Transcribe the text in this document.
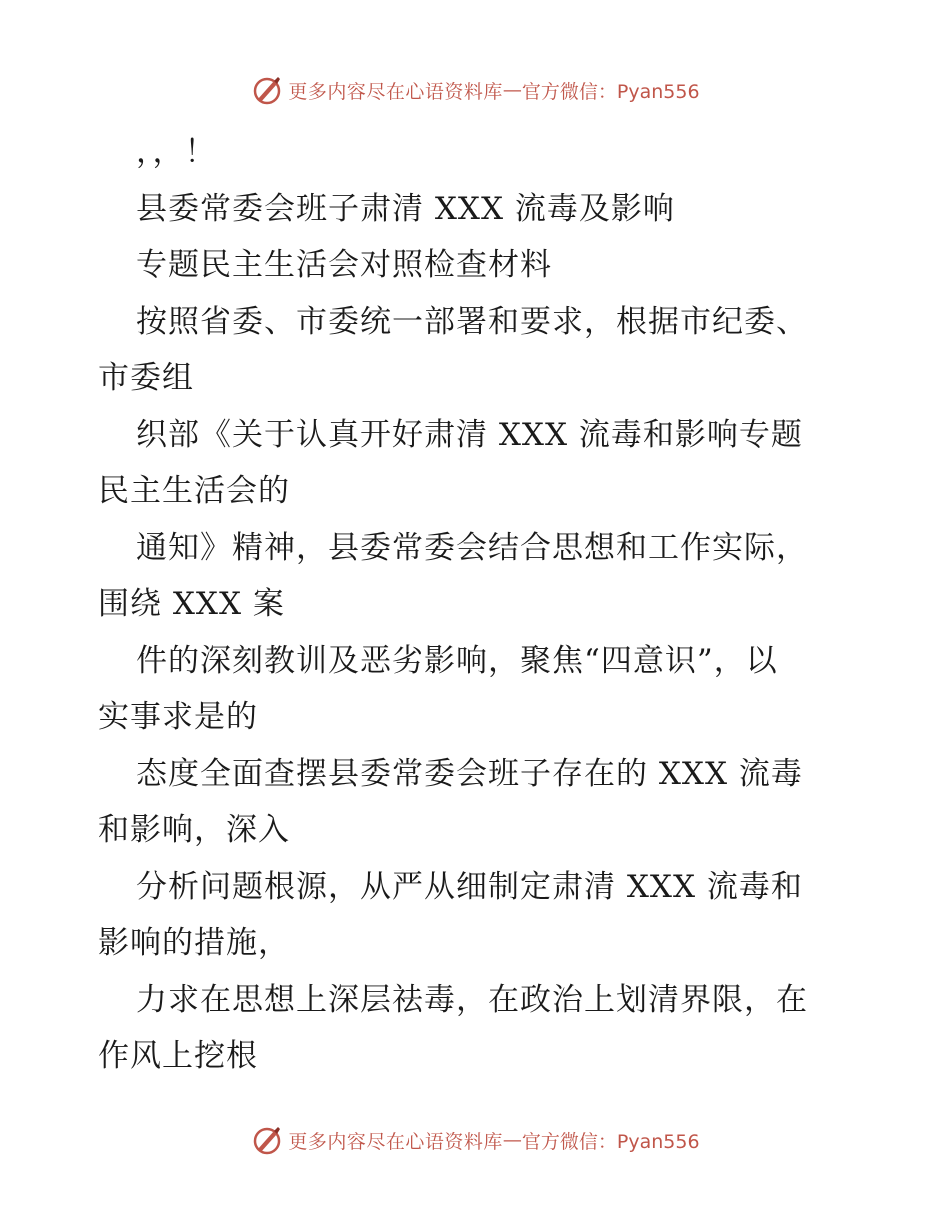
更多内容尽在心语资料库 — 官方微信：Pyan556
，，！
县委常委会班子肃清 XXX 流毒及影响
专题民主生活会对照检查材料
按照省委、市委统一部署和要求，根据市纪委、
市委组
织部《关于认真开好肃清 XXX 流毒和影响专题
民主生活会的
通知》精神，县委常委会结合思想和工作实际，
围绕 XXX 案
件的深刻教训及恶劣影响，聚焦“四意识”，以
实事求是的
态度全面查摆县委常委会班子存在的 XXX 流毒
和影响，深入
分析问题根源，从严从细制定肃清 XXX 流毒和
影响的措施，
力求在思想上深层祛毒，在政治上划清界限，在
作风上挖根
更多内容尽在心语资料库 — 官方微信：Pyan556
